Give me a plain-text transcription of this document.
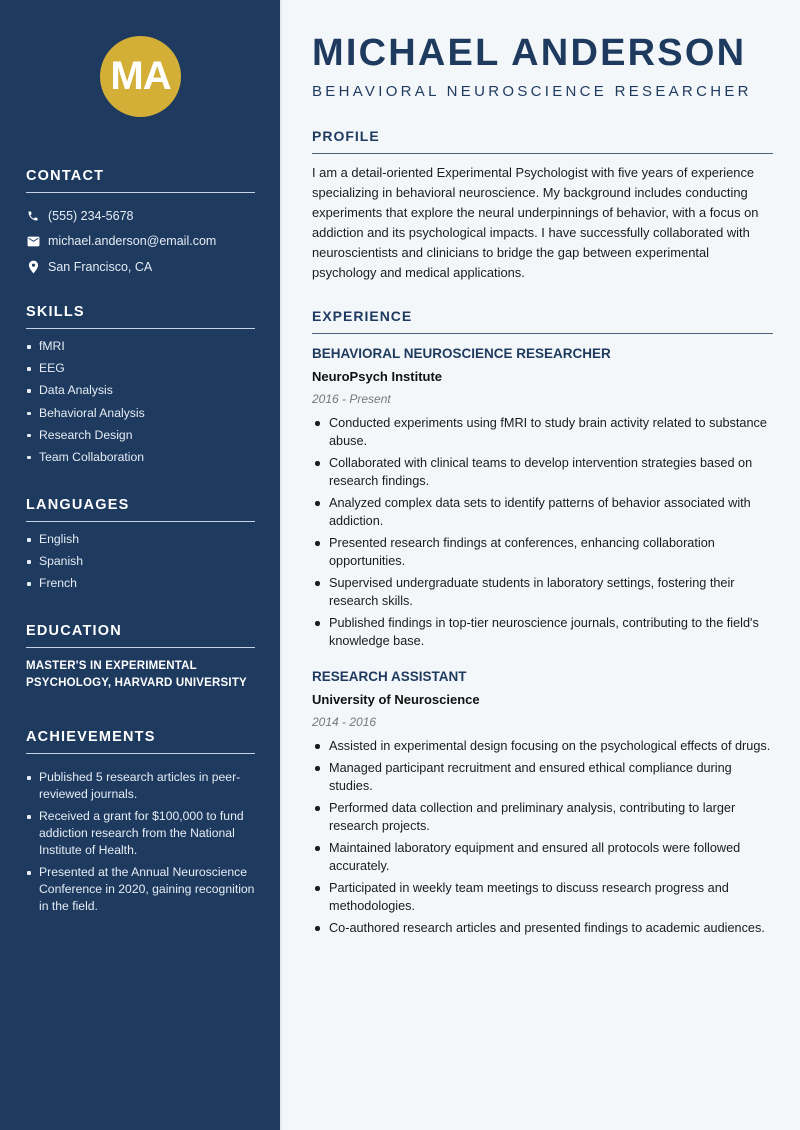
MA
CONTACT
(555) 234-5678
michael.anderson@email.com
San Francisco, CA
SKILLS
fMRI
EEG
Data Analysis
Behavioral Analysis
Research Design
Team Collaboration
LANGUAGES
English
Spanish
French
EDUCATION

MASTER'S IN EXPERIMENTAL PSYCHOLOGY, HARVARD UNIVERSITY

ACHIEVEMENTS
Published 5 research articles in peer-reviewed journals.
Received a grant for $100,000 to fund addiction research from the National Institute of Health.
Presented at the Annual Neuroscience Conference in 2020, gaining recognition in the field.
MICHAEL ANDERSON
BEHAVIORAL NEUROSCIENCE RESEARCHER
PROFILE

I am a detail-oriented Experimental Psychologist with five years of experience specializing in behavioral neuroscience. My background includes conducting experiments that explore the neural underpinnings of behavior, with a focus on addiction and its psychological impacts. I have successfully collaborated with neuroscientists and clinicians to bridge the gap between experimental psychology and medical applications.

EXPERIENCE
BEHAVIORAL NEUROSCIENCE RESEARCHER
NeuroPsych Institute
2016 - Present
Conducted experiments using fMRI to study brain activity related to substance abuse.
Collaborated with clinical teams to develop intervention strategies based on research findings.
Analyzed complex data sets to identify patterns of behavior associated with addiction.
Presented research findings at conferences, enhancing collaboration opportunities.
Supervised undergraduate students in laboratory settings, fostering their research skills.
Published findings in top-tier neuroscience journals, contributing to the field's knowledge base.
RESEARCH ASSISTANT
University of Neuroscience
2014 - 2016
Assisted in experimental design focusing on the psychological effects of drugs.
Managed participant recruitment and ensured ethical compliance during studies.
Performed data collection and preliminary analysis, contributing to larger research projects.
Maintained laboratory equipment and ensured all protocols were followed accurately.
Participated in weekly team meetings to discuss research progress and methodologies.
Co-authored research articles and presented findings to academic audiences.
